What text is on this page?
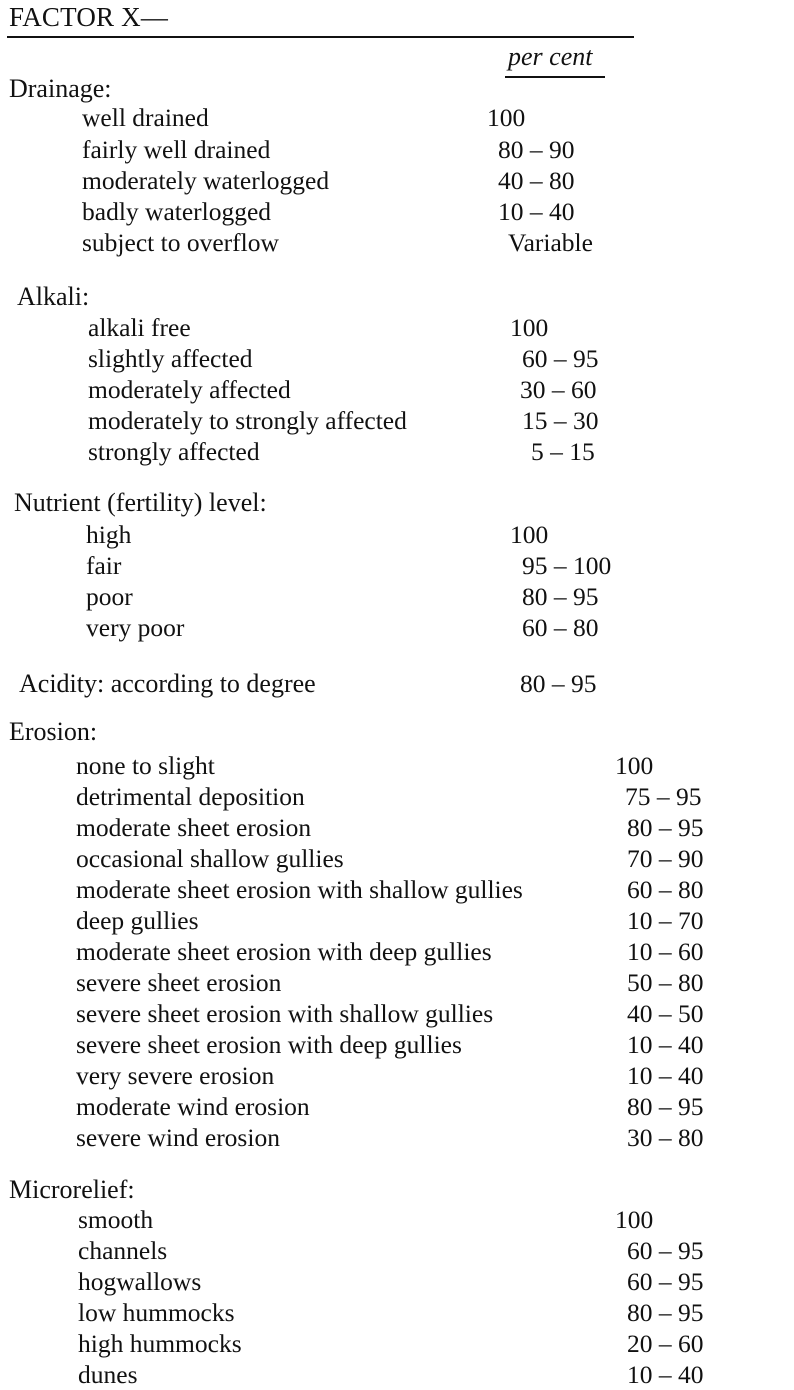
FACTOR X—
per cent
Drainage:
well drained	100
fairly well drained	80 – 90
moderately waterlogged	40 – 80
badly waterlogged	10 – 40
subject to overflow	Variable
Alkali:
alkali free	100
slightly affected	60 – 95
moderately affected	30 – 60
moderately to strongly affected	15 – 30
strongly affected	5 – 15
Nutrient (fertility) level:
high	100
fair	95 – 100
poor	80 – 95
very poor	60 – 80
Acidity: according to degree	80 – 95
Erosion:
none to slight	100
detrimental deposition	75 – 95
moderate sheet erosion	80 – 95
occasional shallow gullies	70 – 90
moderate sheet erosion with shallow gullies	60 – 80
deep gullies	10 – 70
moderate sheet erosion with deep gullies	10 – 60
severe sheet erosion	50 – 80
severe sheet erosion with shallow gullies	40 – 50
severe sheet erosion with deep gullies	10 – 40
very severe erosion	10 – 40
moderate wind erosion	80 – 95
severe wind erosion	30 – 80
Microrelief:
smooth	100
channels	60 – 95
hogwallows	60 – 95
low hummocks	80 – 95
high hummocks	20 – 60
dunes	10 – 40
